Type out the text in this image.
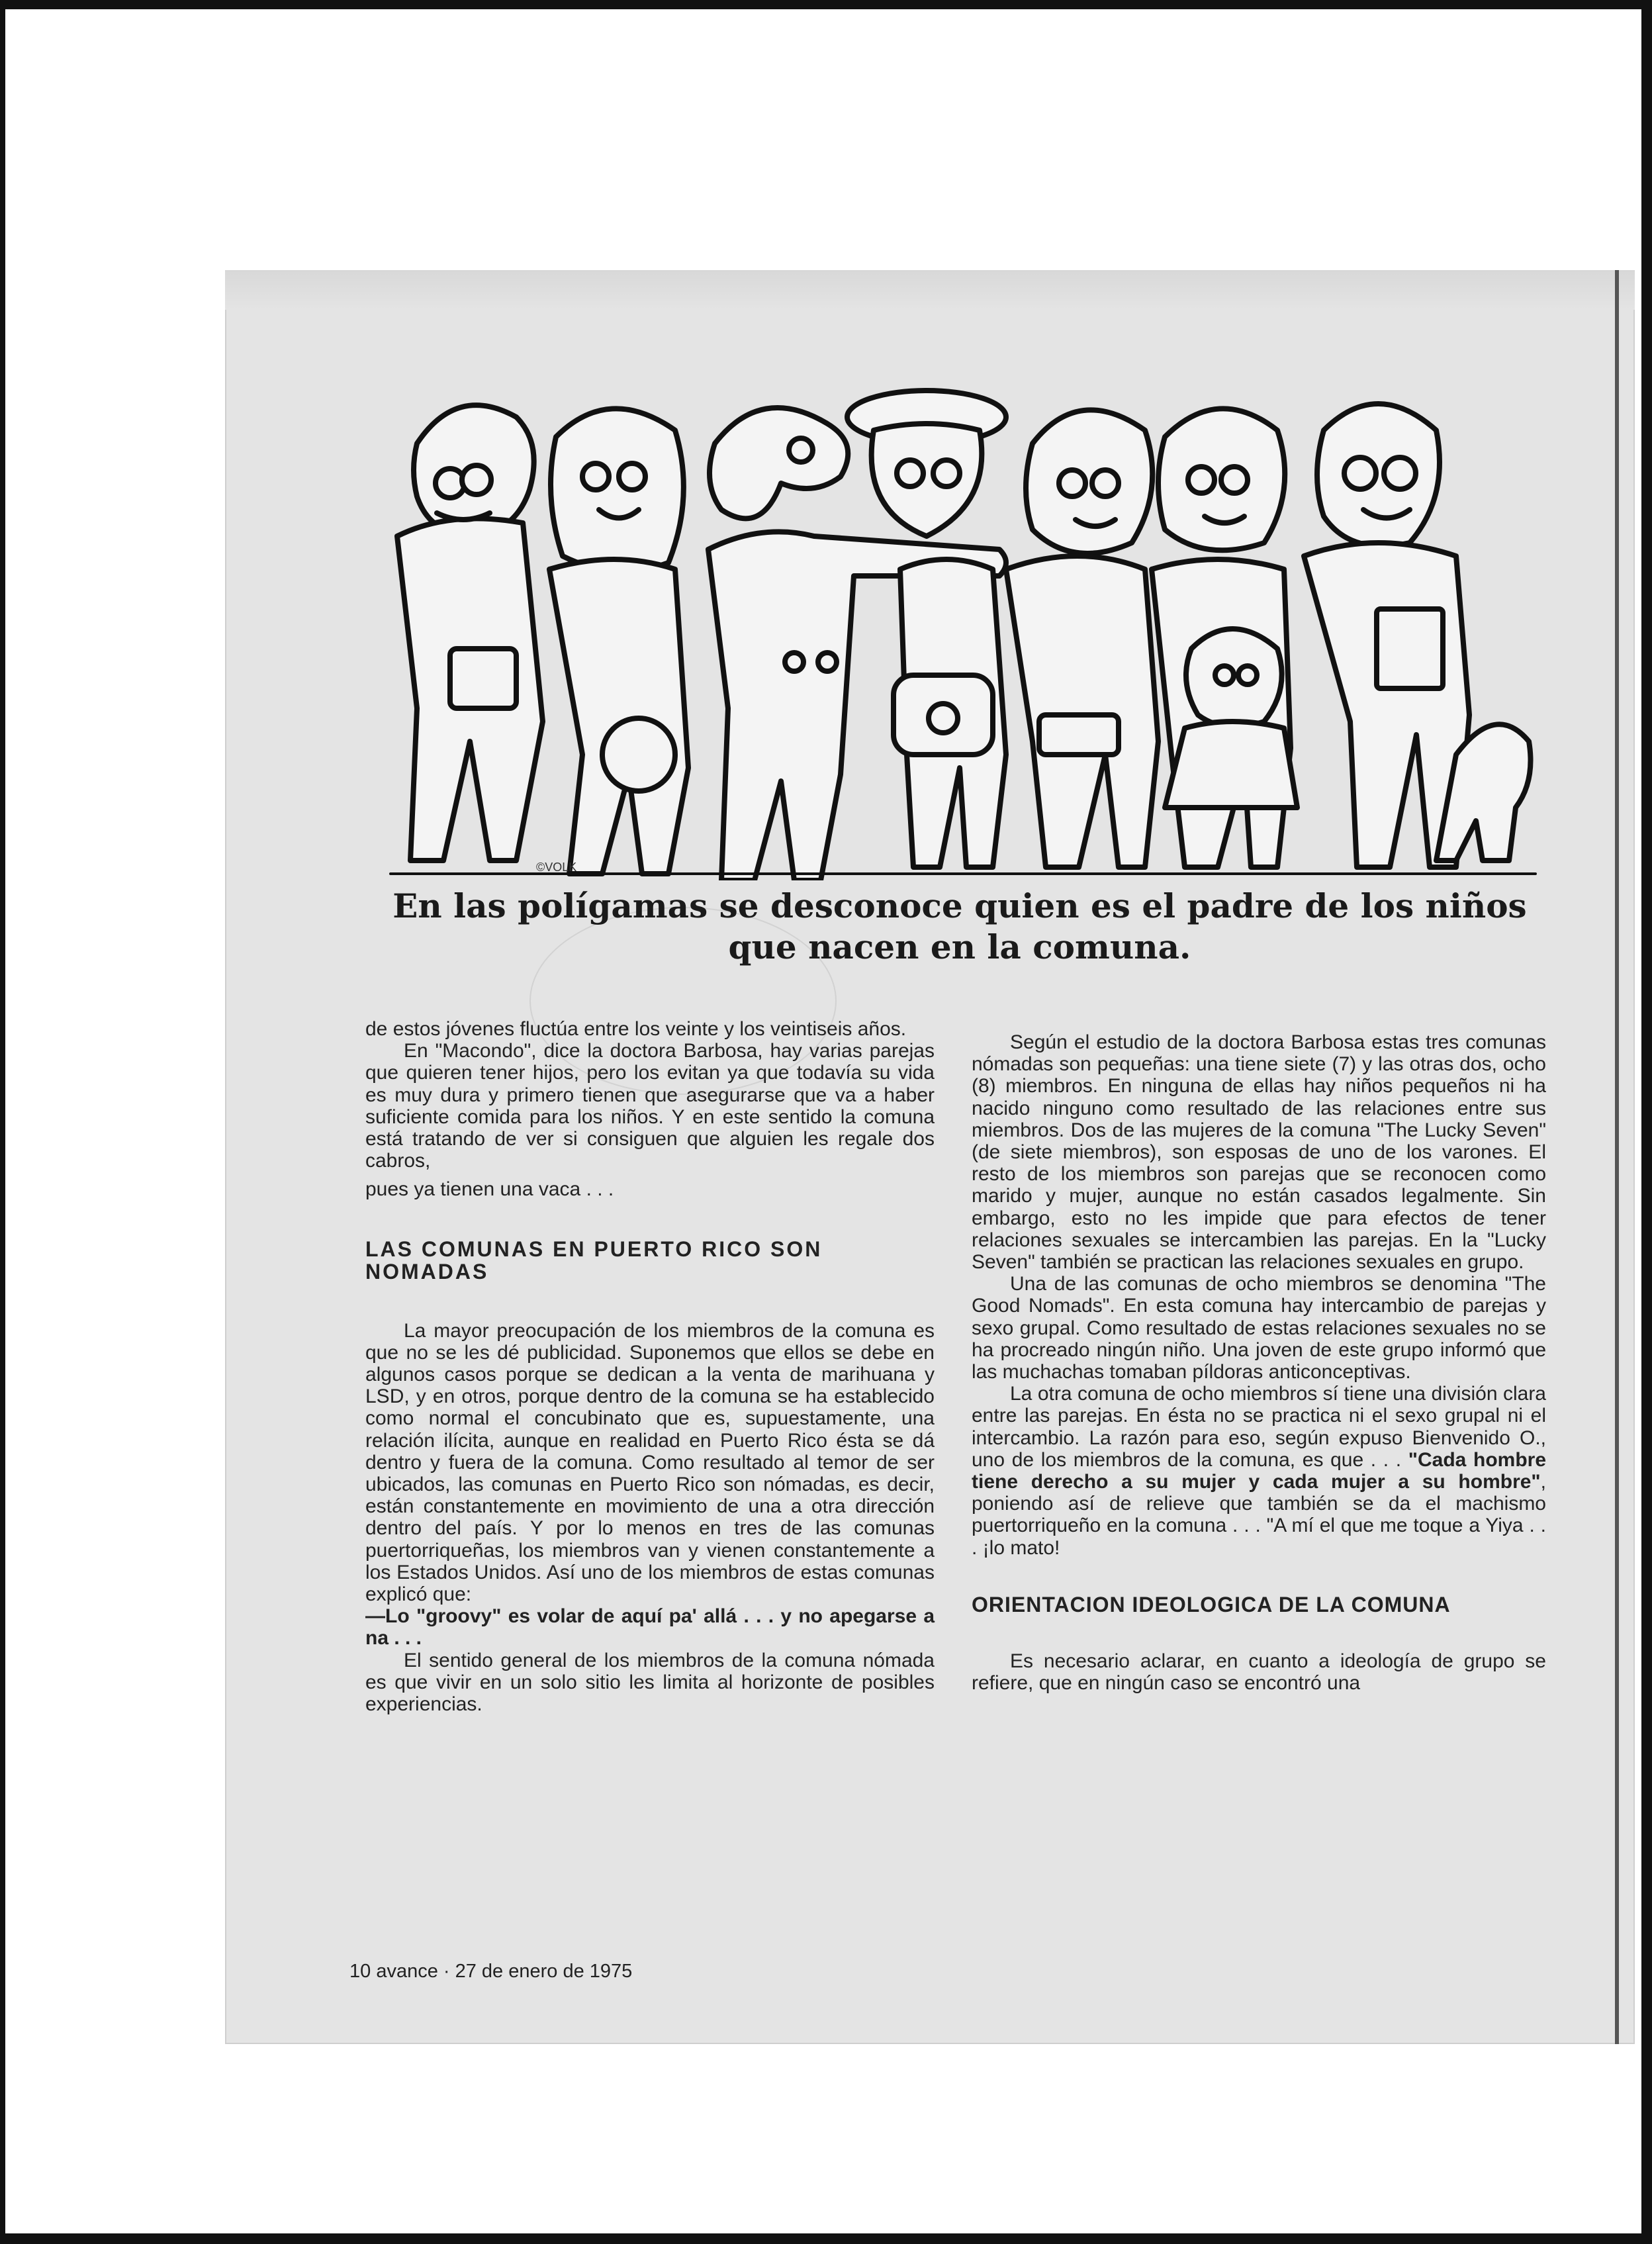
©VOLK
En las polígamas se desconoce quien es el padre de los niños
que nacen en la comuna.

de estos jóvenes fluctúa entre los veinte y los veintiseis años.

En "Macondo", dice la doctora Barbosa, hay varias parejas que quieren tener hijos, pero los evitan ya que todavía su vida es muy dura y primero tienen que asegurarse que va a haber suficiente comida para los niños. Y en este sentido la comuna está tratando de ver si consiguen que alguien les regale dos cabros,

pues ya tienen una vaca . . .

LAS COMUNAS EN PUERTO RICO SON NOMADAS

La mayor preocupación de los miembros de la comuna es que no se les dé publicidad. Suponemos que ellos se debe en algunos casos porque se dedican a la venta de marihuana y LSD, y en otros, porque dentro de la comuna se ha establecido como normal el concubinato que es, supuestamente, una relación ilícita, aunque en realidad en Puerto Rico ésta se dá dentro y fuera de la comuna. Como resultado al temor de ser ubicados, las comunas en Puerto Rico son nómadas, es decir, están constantemente en movimiento de una a otra dirección dentro del país. Y por lo menos en tres de las comunas puertorriqueñas, los miembros van y vienen constantemente a los Estados Unidos. Así uno de los miembros de estas comunas explicó que:

—Lo "groovy" es volar de aquí pa' allá . . . y no apegarse a na . . .

El sentido general de los miembros de la comuna nómada es que vivir en un solo sitio les limita al horizonte de posibles experiencias.

Según el estudio de la doctora Barbosa estas tres comunas nómadas son pequeñas: una tiene siete (7) y las otras dos, ocho (8) miembros. En ninguna de ellas hay niños pequeños ni ha nacido ninguno como resultado de las relaciones entre sus miembros. Dos de las mujeres de la comuna "The Lucky Seven" (de siete miembros), son esposas de uno de los varones. El resto de los miembros son parejas que se reconocen como marido y mujer, aunque no están casados legalmente. Sin embargo, esto no les impide que para efectos de tener relaciones sexuales se intercambien las parejas. En la "Lucky Seven" también se practican las relaciones sexuales en grupo.

Una de las comunas de ocho miembros se denomina "The Good Nomads". En esta comuna hay intercambio de parejas y sexo grupal. Como resultado de estas relaciones sexuales no se ha procreado ningún niño. Una joven de este grupo informó que las muchachas tomaban píldoras anticonceptivas.

La otra comuna de ocho miembros sí tiene una división clara entre las parejas. En ésta no se practica ni el sexo grupal ni el intercambio. La razón para eso, según expuso Bienvenido O., uno de los miembros de la comuna, es que . . . "Cada hombre tiene derecho a su mujer y cada mujer a su hombre", poniendo así de relieve que también se da el machismo puertorriqueño en la comuna . . . "A mí el que me toque a Yiya . . . ¡lo mato!

ORIENTACION IDEOLOGICA DE LA COMUNA

Es necesario aclarar, en cuanto a ideología de grupo se refiere, que en ningún caso se encontró una

10 avance · 27 de enero de 1975
